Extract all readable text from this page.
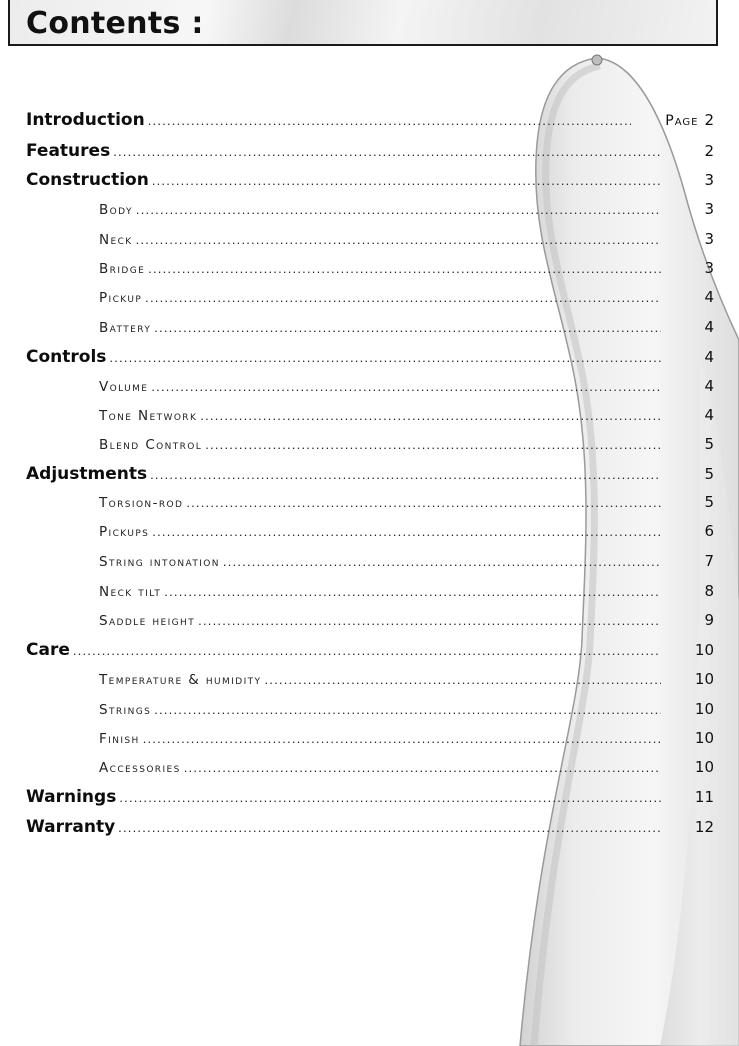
Contents :
Introduction .....	Page 2
Features .....	2
Construction .....	3
Body .....	3
Neck .....	3
Bridge .....	3
Pickup .....	4
Battery .....	4
Controls .....	4
Volume .....	4
Tone Network .....	4
Blend Control .....	5
Adjustments .....	5
Torsion-rod .....	5
Pickups .....	6
String intonation .....	7
Neck tilt .....	8
Saddle height .....	9
Care .....	10
Temperature & humidity .....	10
Strings .....	10
Finish .....	10
Accessories .....	10
Warnings .....	11
Warranty .....	12
